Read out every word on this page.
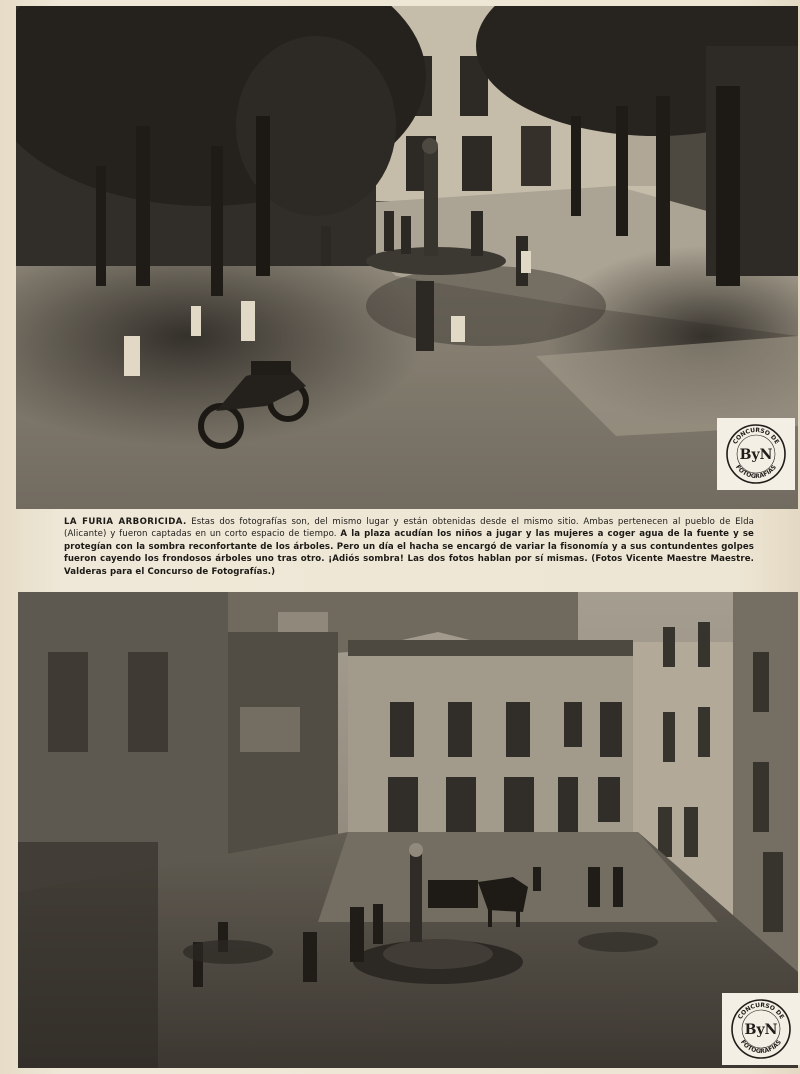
LA FURIA ARBORICIDA. Estas dos fotografías son, del mismo lugar y están obtenidas desde el mismo sitio. Ambas pertenecen al pueblo de Elda (Alicante) y fueron captadas en un corto espacio de tiempo. A la plaza acudían los niños a jugar y las mujeres a coger agua de la fuente y se protegían con la sombra reconfortante de los árboles. Pero un día el hacha se encargó de variar la fisonomía y a sus contundentes golpes fueron cayendo los frondosos árboles uno tras otro. ¡Adiós sombra! Las dos fotos hablan por sí mismas. (Fotos Vicente Maestre Maestre. Valderas para el Concurso de Fotografías.)
CONCURSO DE
FOTOGRAFIAS
ByN
CONCURSO DE
FOTOGRAFIAS
ByN
